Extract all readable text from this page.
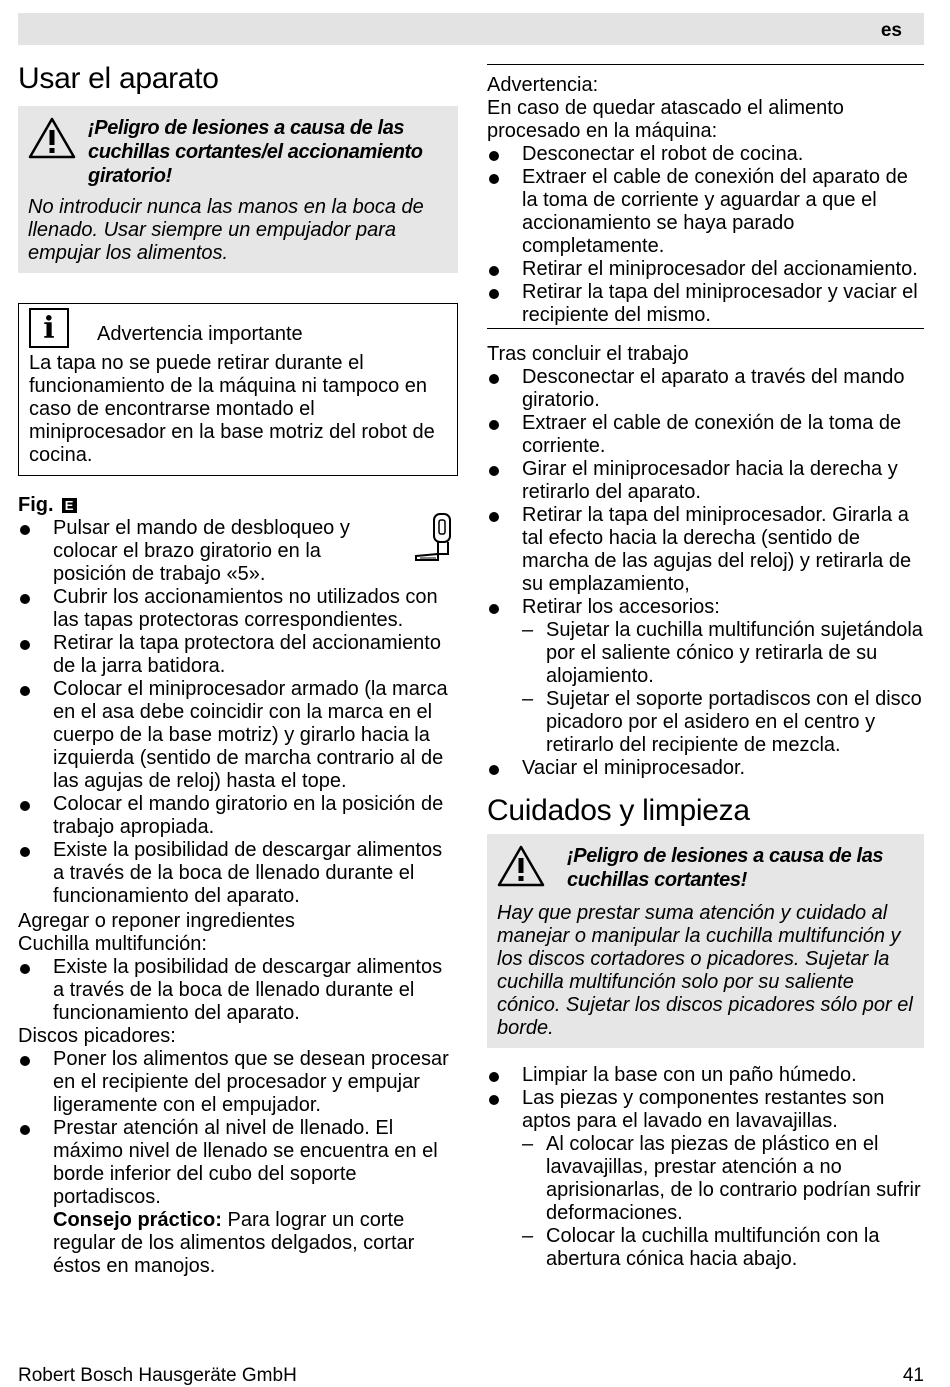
es
Usar el aparato
¡Peligro de lesiones a causa de las cuchillas cortantes/el accionamiento giratorio!
No introducir nunca las manos en la boca de llenado. Usar siempre un empujador para empujar los alimentos.
i	Advertencia importante
La tapa no se puede retirar durante el funcionamiento de la máquina ni tampoco en caso de encontrarse montado el miniprocesador en la base motriz del robot de cocina.
Fig. E
Pulsar el mando de desbloqueo y colocar el brazo giratorio en la posición de trabajo «5».
Cubrir los accionamientos no utilizados con las tapas protectoras correspondientes.
Retirar la tapa protectora del accionamiento de la jarra batidora.
Colocar el miniprocesador armado (la marca en el asa debe coincidir con la marca en el cuerpo de la base motriz) y girarlo hacia la izquierda (sentido de marcha contrario al de las agujas de reloj) hasta el tope.
Colocar el mando giratorio en la posición de trabajo apropiada.
Existe la posibilidad de descargar alimentos a través de la boca de llenado durante el funcionamiento del aparato.
Agregar o reponer ingredientes
Cuchilla multifunción:
Existe la posibilidad de descargar alimentos a través de la boca de llenado durante el funcionamiento del aparato.
Discos picadores:
Poner los alimentos que se desean procesar en el recipiente del procesador y empujar ligeramente con el empujador.
Prestar atención al nivel de llenado. El máximo nivel de llenado se encuentra en el borde inferior del cubo del soporte portadiscos.
Consejo práctico: Para lograr un corte regular de los alimentos delgados, cortar éstos en manojos.
Advertencia:
En caso de quedar atascado el alimento procesado en la máquina:
Desconectar el robot de cocina.
Extraer el cable de conexión del aparato de la toma de corriente y aguardar a que el accionamiento se haya parado completamente.
Retirar el miniprocesador del accionamiento.
Retirar la tapa del miniprocesador y vaciar el recipiente del mismo.
Tras concluir el trabajo
Desconectar el aparato a través del mando giratorio.
Extraer el cable de conexión de la toma de corriente.
Girar el miniprocesador hacia la derecha y retirarlo del aparato.
Retirar la tapa del miniprocesador. Girarla a tal efecto hacia la derecha (sentido de marcha de las agujas del reloj) y retirarla de su emplazamiento,
Retirar los accesorios:
– Sujetar la cuchilla multifunción sujetándola por el saliente cónico y retirarla de su alojamiento.
– Sujetar el soporte portadiscos con el disco picadoro por el asidero en el centro y retirarlo del recipiente de mezcla.
Vaciar el miniprocesador.
Cuidados y limpieza
¡Peligro de lesiones a causa de las cuchillas cortantes!
Hay que prestar suma atención y cuidado al manejar o manipular la cuchilla multifunción y los discos cortadores o picadores. Sujetar la cuchilla multifunción solo por su saliente cónico. Sujetar los discos picadores sólo por el borde.
Limpiar la base con un paño húmedo.
Las piezas y componentes restantes son aptos para el lavado en lavavajillas.
– Al colocar las piezas de plástico en el lavavajillas, prestar atención a no aprisionarlas, de lo contrario podrían sufrir deformaciones.
– Colocar la cuchilla multifunción con la abertura cónica hacia abajo.
Robert Bosch Hausgeräte GmbH	41
